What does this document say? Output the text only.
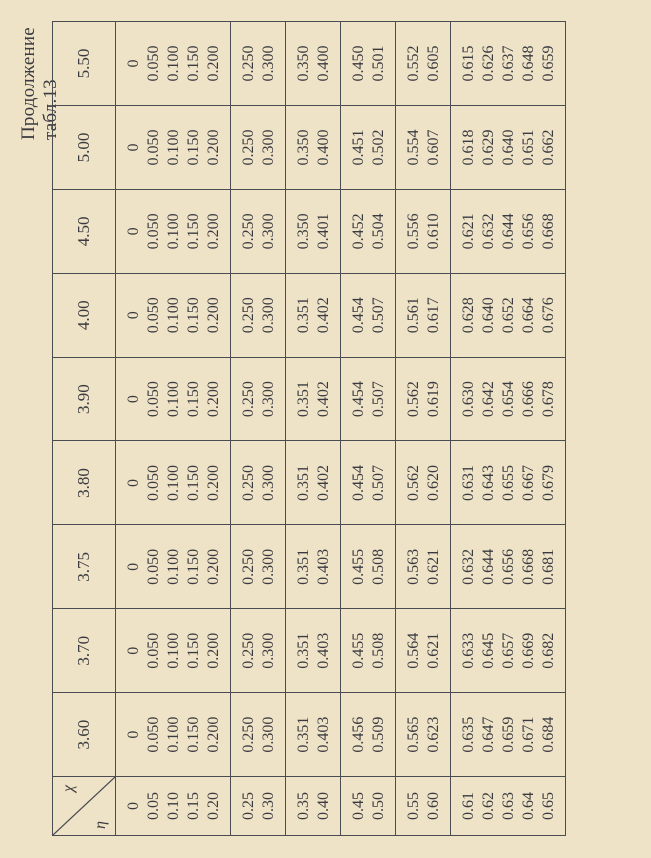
Продолжение табл.13
χ
η	3.60	3.70	3.75	3.80	3.90	4.00	4.50	5.00	5.50
0	0	0	0	0	0	0	0	0	0
0.05	0.050	0.050	0.050	0.050	0.050	0.050	0.050	0.050	0.050
0.10	0.100	0.100	0.100	0.100	0.100	0.100	0.100	0.100	0.100
0.15	0.150	0.150	0.150	0.150	0.150	0.150	0.150	0.150	0.150
0.20	0.200	0.200	0.200	0.200	0.200	0.200	0.200	0.200	0.200
0.25	0.250	0.250	0.250	0.250	0.250	0.250	0.250	0.250	0.250
0.30	0.300	0.300	0.300	0.300	0.300	0.300	0.300	0.300	0.300
0.35	0.351	0.351	0.351	0.351	0.351	0.351	0.350	0.350	0.350
0.40	0.403	0.403	0.403	0.402	0.402	0.402	0.401	0.400	0.400
0.45	0.456	0.455	0.455	0.454	0.454	0.454	0.452	0.451	0.450
0.50	0.509	0.508	0.508	0.507	0.507	0.507	0.504	0.502	0.501
0.55	0.565	0.564	0.563	0.562	0.562	0.561	0.556	0.554	0.552
0.60	0.623	0.621	0.621	0.620	0.619	0.617	0.610	0.607	0.605
0.61	0.635	0.633	0.632	0.631	0.630	0.628	0.621	0.618	0.615
0.62	0.647	0.645	0.644	0.643	0.642	0.640	0.632	0.629	0.626
0.63	0.659	0.657	0.656	0.655	0.654	0.652	0.644	0.640	0.637
0.64	0.671	0.669	0.668	0.667	0.666	0.664	0.656	0.651	0.648
0.65	0.684	0.682	0.681	0.679	0.678	0.676	0.668	0.662	0.659
